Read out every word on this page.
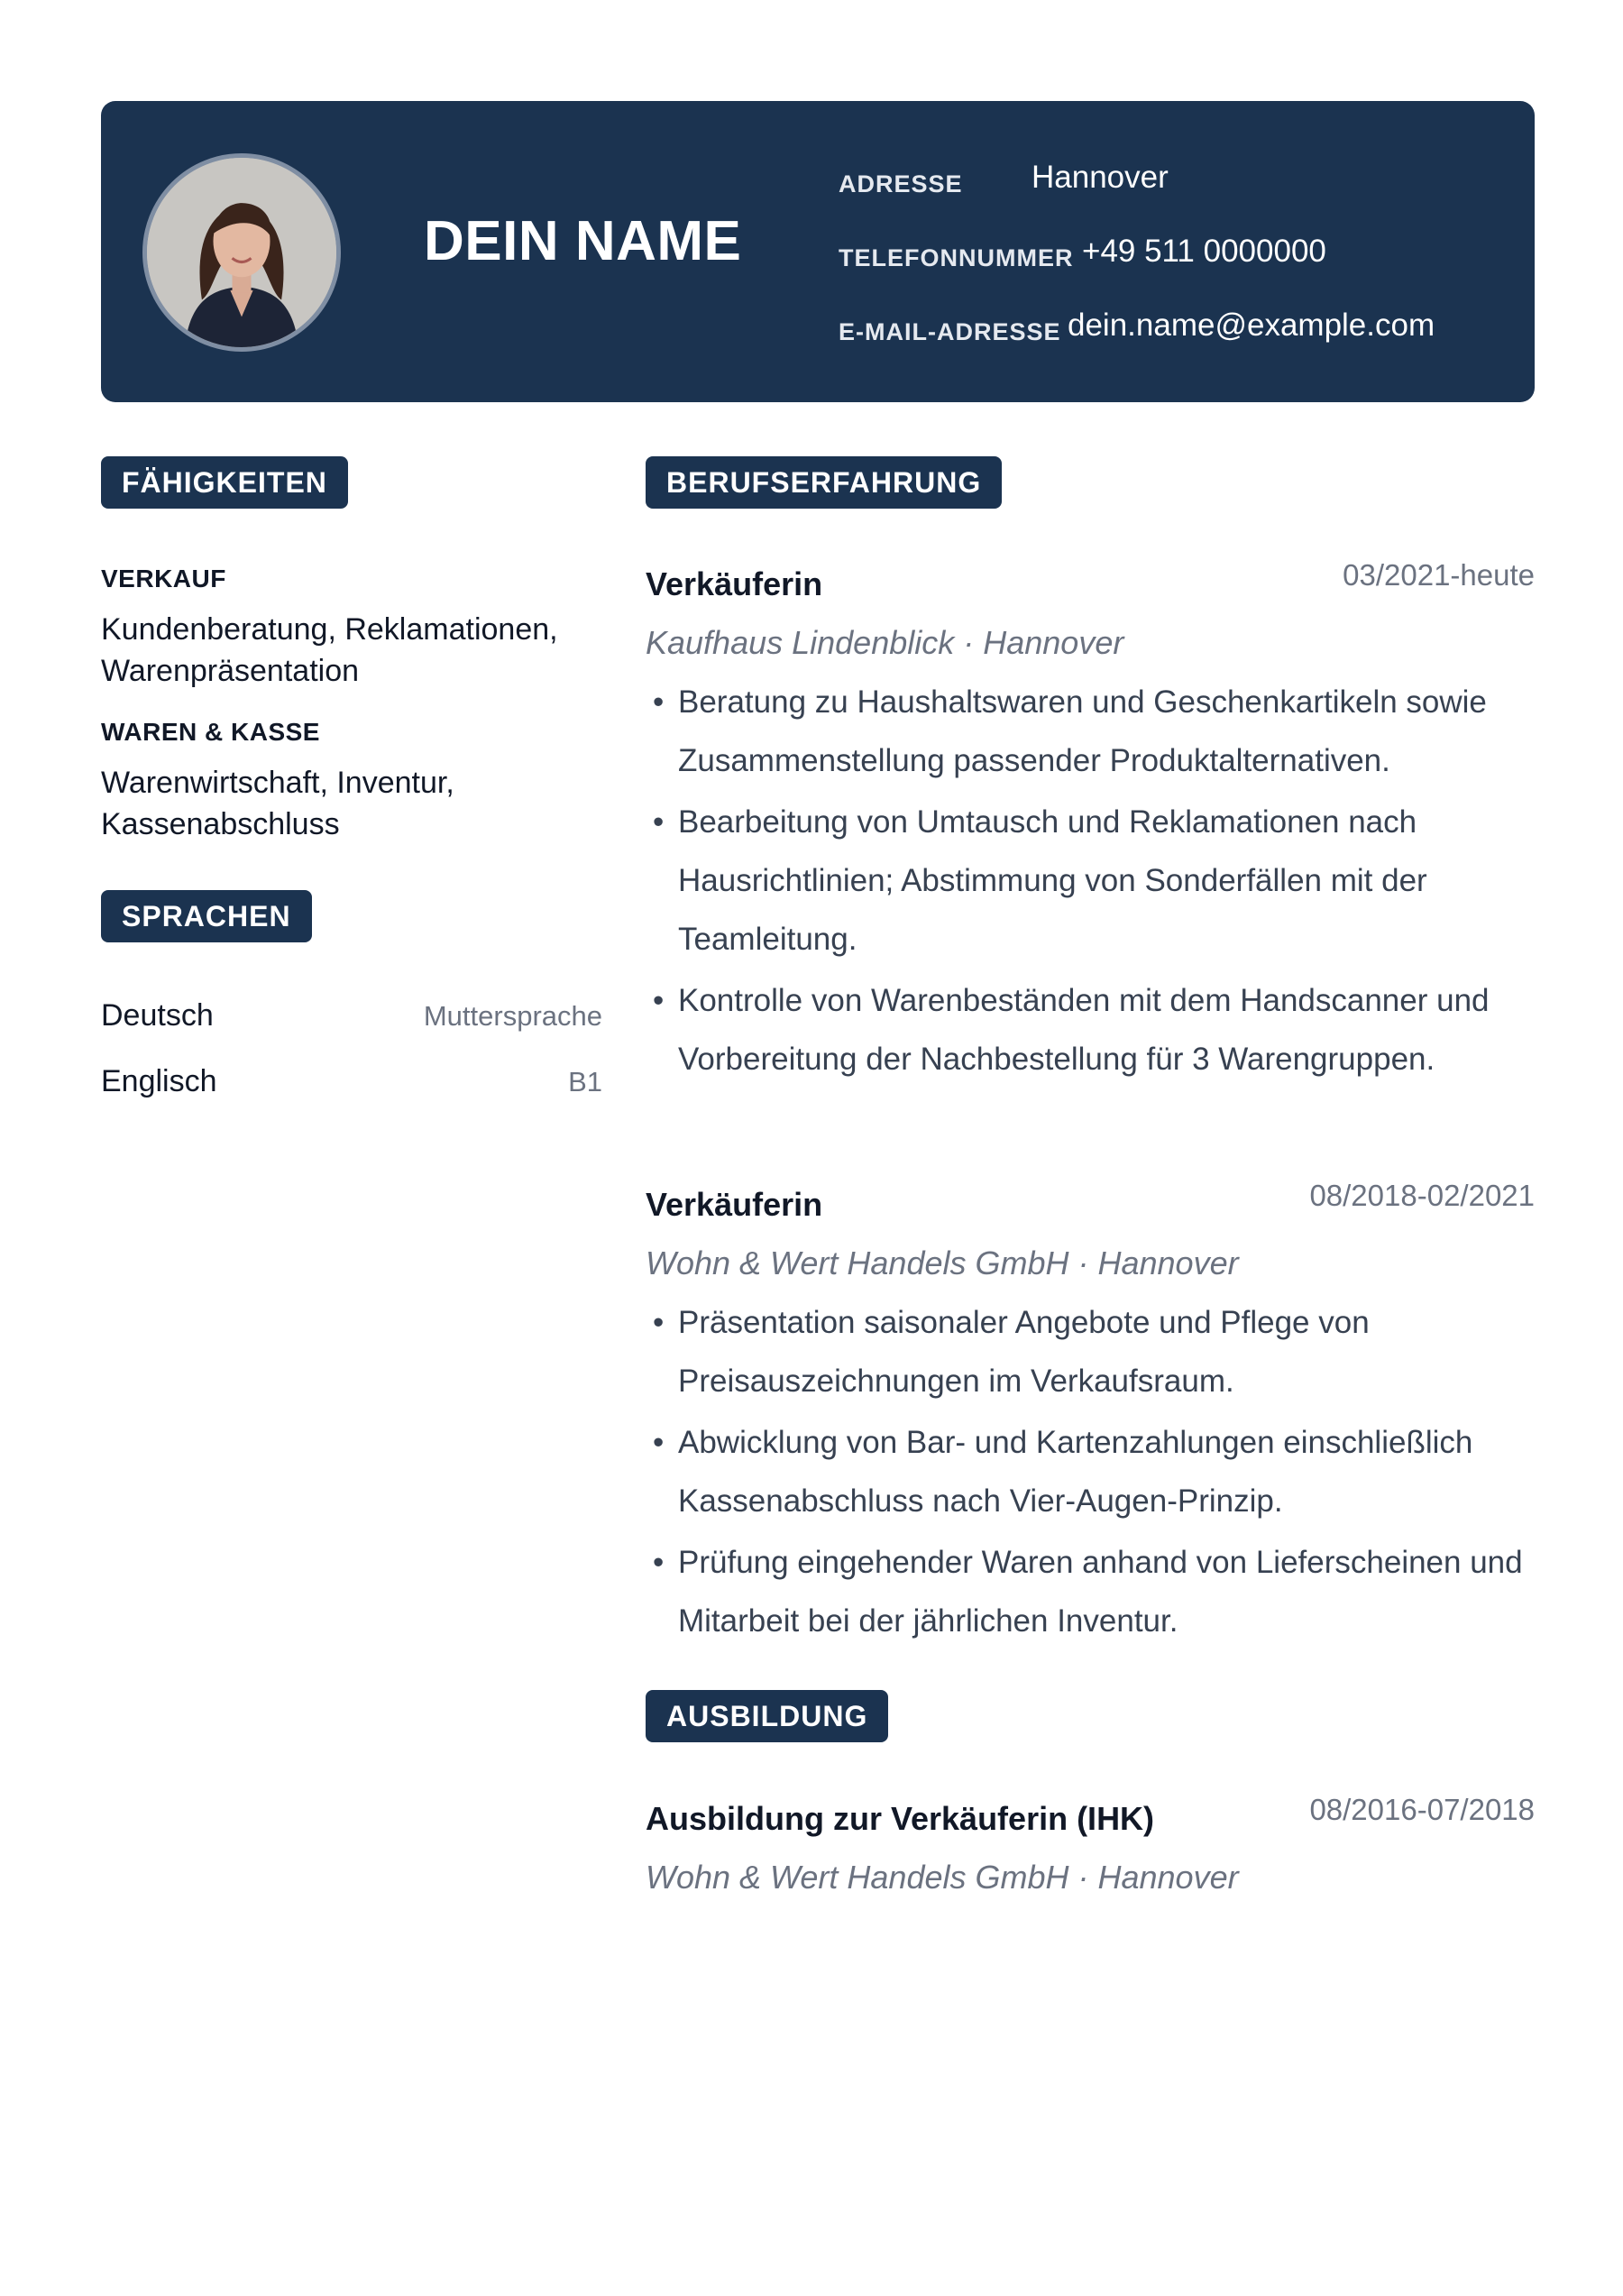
DEIN NAME
ADRESSE Hannover
TELEFONNUMMER +49 511 0000000
E-MAIL-ADRESSE dein.name@example.com
FÄHIGKEITEN
VERKAUF
Kundenberatung, Reklamationen, Warenpräsentation
WAREN & KASSE
Warenwirtschaft, Inventur, Kassenabschluss
SPRACHEN
Deutsch	Muttersprache
Englisch	B1
BERUFSERFAHRUNG
Verkäuferin	03/2021-heute
Kaufhaus Lindenblick · Hannover
• Beratung zu Haushaltswaren und Geschenkartikeln sowie Zusammenstellung passender Produktalternativen.
• Bearbeitung von Umtausch und Reklamationen nach Hausrichtlinien; Abstimmung von Sonderfällen mit der Teamleitung.
• Kontrolle von Warenbeständen mit dem Handscanner und Vorbereitung der Nachbestellung für 3 Warengruppen.
Verkäuferin	08/2018-02/2021
Wohn & Wert Handels GmbH · Hannover
• Präsentation saisonaler Angebote und Pflege von Preisauszeichnungen im Verkaufsraum.
• Abwicklung von Bar- und Kartenzahlungen einschließlich Kassenabschluss nach Vier-Augen-Prinzip.
• Prüfung eingehender Waren anhand von Lieferscheinen und Mitarbeit bei der jährlichen Inventur.
AUSBILDUNG
Ausbildung zur Verkäuferin (IHK)	08/2016-07/2018
Wohn & Wert Handels GmbH · Hannover
